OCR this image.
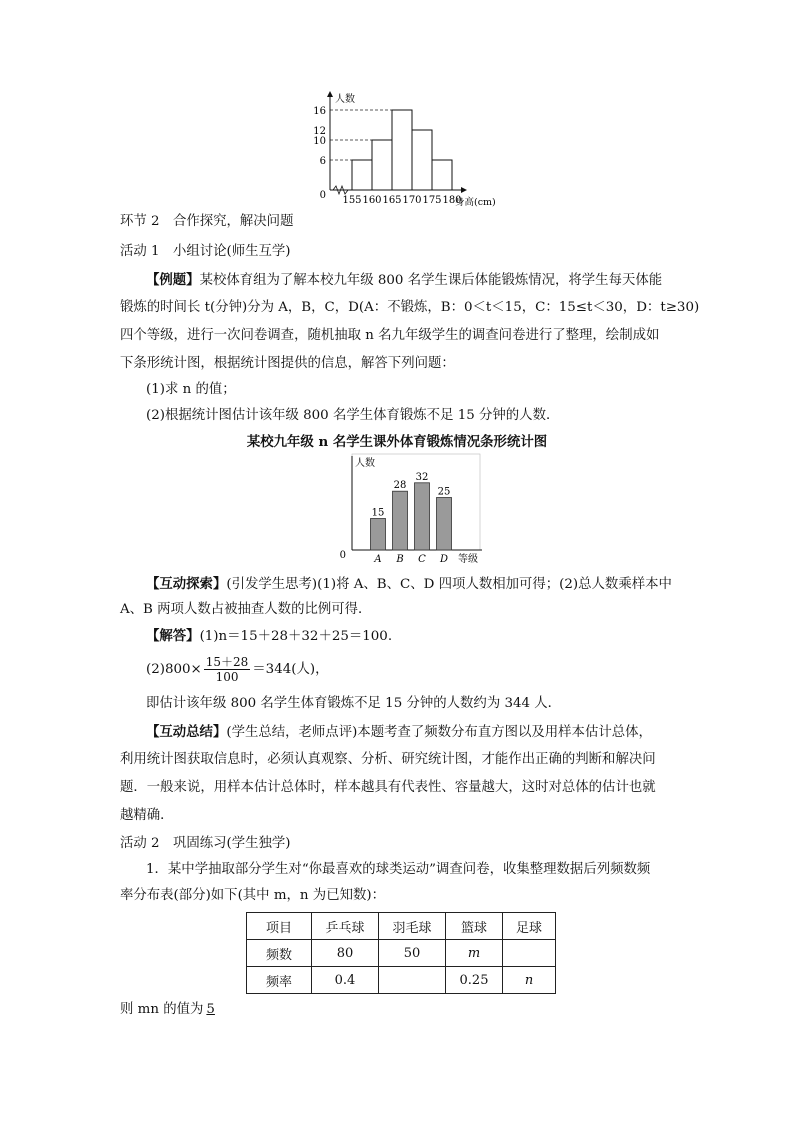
6
10
12
16
155 160 165 170 175 180
0
人数
身高(cm)
环节 2　合作探究，解决问题
活动 1　小组讨论(师生互学)
【例题】某校体育组为了解本校九年级 800 名学生课后体能锻炼情况，将学生每天体能
锻炼的时间长 t(分钟)分为 A，B，C，D(A：不锻炼，B：0＜t＜15，C：15≤t＜30，D：t≥30)
四个等级，进行一次问卷调查，随机抽取 n 名九年级学生的调查问卷进行了整理，绘制成如
下条形统计图，根据统计图提供的信息，解答下列问题：
(1)求 n 的值；
(2)根据统计图估计该年级 800 名学生体育锻炼不足 15 分钟的人数．
某校九年级 n 名学生课外体育锻炼情况条形统计图
15
A
28
B
32
C
25
D
0
人数
等级
【互动探索】(引发学生思考)(1)将 A、B、C、D 四项人数相加可得；(2)总人数乘样本中
A、B 两项人数占被抽查人数的比例可得．
【解答】(1)n＝15＋28＋32＋25＝100.
$(2)800\times \frac{15+28}{100} =344$(人)，
即估计该年级 800 名学生体育锻炼不足 15 分钟的人数约为 344 人．
【互动总结】(学生总结，老师点评)本题考查了频数分布直方图以及用样本估计总体，
利用统计图获取信息时，必须认真观察、分析、研究统计图，才能作出正确的判断和解决问
题．一般来说，用样本估计总体时，样本越具有代表性、容量越大，这时对总体的估计也就
越精确．
活动 2　巩固练习(学生独学)
1．某中学抽取部分学生对“你最喜欢的球类运动”调查问卷，收集整理数据后列频数频
率分布表(部分)如下(其中 m，n 为已知数)：
项目	乒乓球	羽毛球	篮球	足球
频数	80	50	m	
频率	0.4		0.25	n
则 mn 的值为 5
